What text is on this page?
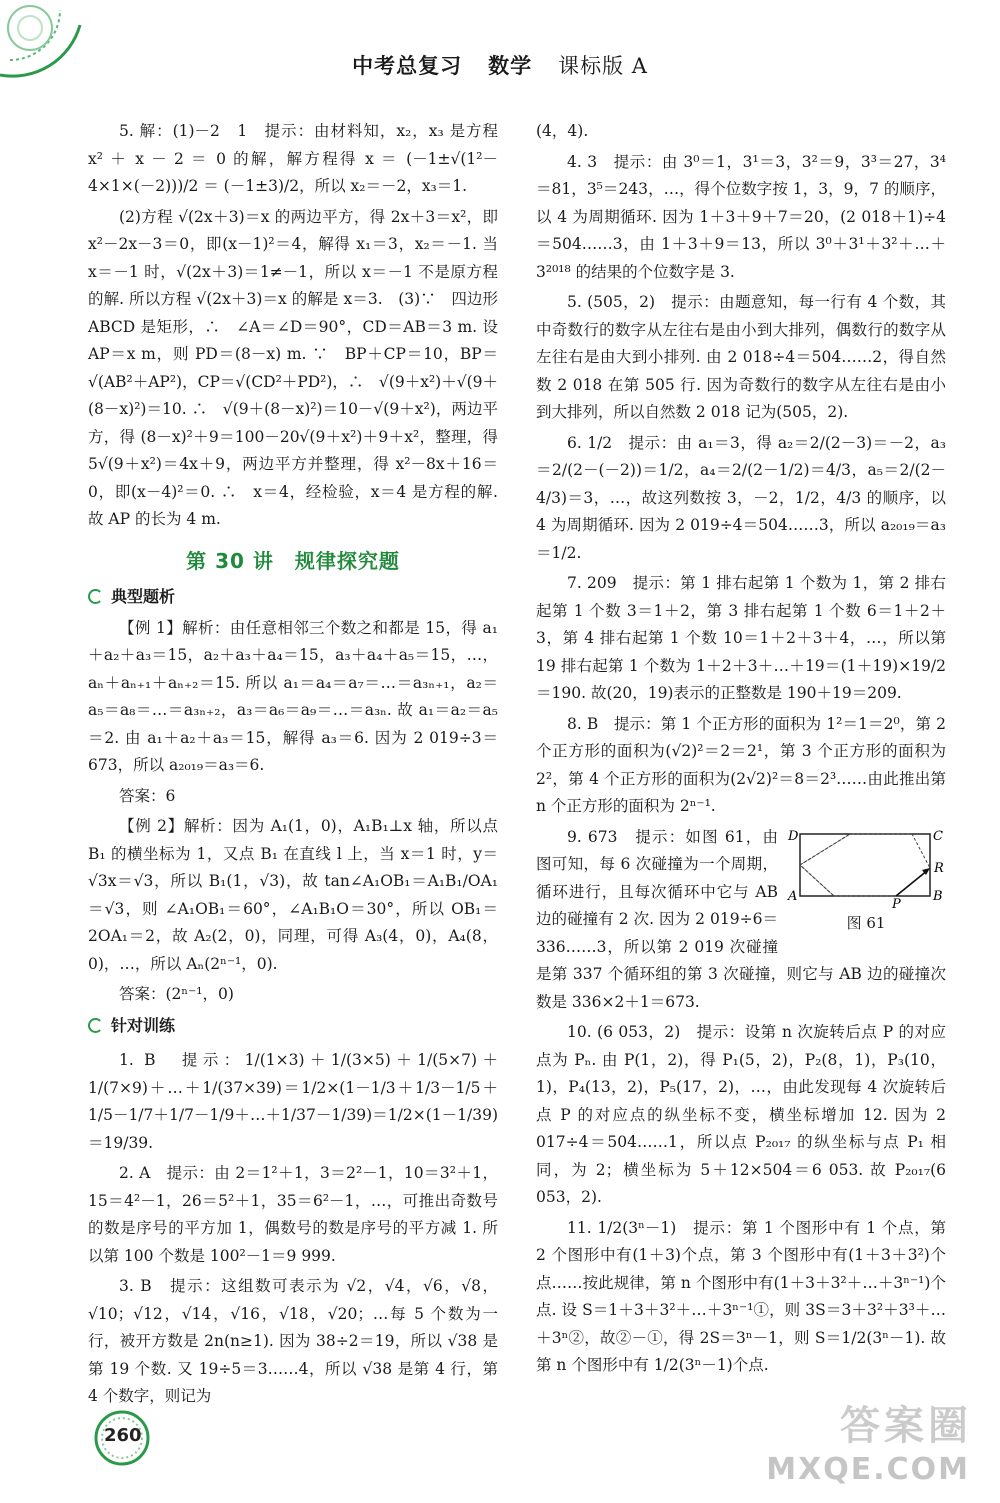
中考总复习 数学 课标版 A

5. 解：(1)－2　1　提示：由材料知，x₂，x₃ 是方程 x² ＋ x － 2 ＝ 0 的解，解方程得 x ＝ (－1±√(1²－4×1×(－2)))/2 ＝ (－1±3)/2，所以 x₂＝－2，x₃＝1.

(2)方程 √(2x＋3)＝x 的两边平方，得 2x＋3＝x²，即 x²－2x－3＝0，即(x－1)²＝4，解得 x₁＝3，x₂＝－1. 当 x＝－1 时，√(2x＋3)＝1≠－1，所以 x＝－1 不是原方程的解. 所以方程 √(2x＋3)＝x 的解是 x＝3.　(3)∵　四边形 ABCD 是矩形，∴　∠A＝∠D＝90°，CD＝AB＝3 m. 设 AP＝x m，则 PD＝(8－x) m. ∵　BP＋CP＝10，BP＝√(AB²＋AP²)，CP＝√(CD²＋PD²)，∴　√(9＋x²)＋√(9＋(8－x)²)＝10. ∴　√(9＋(8－x)²)＝10－√(9＋x²)，两边平方，得 (8－x)²＋9＝100－20√(9＋x²)＋9＋x²，整理，得 5√(9＋x²)＝4x＋9，两边平方并整理，得 x²－8x＋16＝0，即(x－4)²＝0. ∴　x＝4，经检验，x＝4 是方程的解. 故 AP 的长为 4 m.

第 30 讲　规律探究题
典型题析

【例 1】解析：由任意相邻三个数之和都是 15，得 a₁＋a₂＋a₃＝15，a₂＋a₃＋a₄＝15，a₃＋a₄＋a₅＝15，…，aₙ＋aₙ₊₁＋aₙ₊₂＝15. 所以 a₁＝a₄＝a₇＝…＝a₃ₙ₊₁，a₂＝a₅＝a₈＝…＝a₃ₙ₊₂，a₃＝a₆＝a₉＝…＝a₃ₙ. 故 a₁＝a₂＝a₅＝2. 由 a₁＋a₂＋a₃＝15，解得 a₃＝6. 因为 2 019÷3＝673，所以 a₂₀₁₉＝a₃＝6.

答案：6

【例 2】解析：因为 A₁(1，0)，A₁B₁⊥x 轴，所以点 B₁ 的横坐标为 1，又点 B₁ 在直线 l 上，当 x＝1 时，y＝√3x＝√3，所以 B₁(1，√3)，故 tan∠A₁OB₁＝A₁B₁/OA₁＝√3，则 ∠A₁OB₁＝60°，∠A₁B₁O＝30°，所以 OB₁＝2OA₁＝2，故 A₂(2，0)，同理，可得 A₃(4，0)，A₄(8，0)，…，所以 Aₙ(2ⁿ⁻¹，0).

答案：(2ⁿ⁻¹，0)

针对训练

1. B　提示：1/(1×3)＋1/(3×5)＋1/(5×7)＋1/(7×9)＋…＋1/(37×39)＝1/2×(1－1/3＋1/3－1/5＋1/5－1/7＋1/7－1/9＋…＋1/37－1/39)＝1/2×(1－1/39)＝19/39.

2. A　提示：由 2＝1²＋1，3＝2²－1，10＝3²＋1，15＝4²－1，26＝5²＋1，35＝6²－1，…，可推出奇数号的数是序号的平方加 1，偶数号的数是序号的平方减 1. 所以第 100 个数是 100²－1＝9 999.

3. B　提示：这组数可表示为 √2，√4，√6，√8，√10；√12，√14，√16，√18，√20；…每 5 个数为一行，被开方数是 2n(n≥1). 因为 38÷2＝19，所以 √38 是第 19 个数. 又 19÷5＝3……4，所以 √38 是第 4 行，第 4 个数字，则记为

(4，4).

4. 3　提示：由 3⁰＝1，3¹＝3，3²＝9，3³＝27，3⁴＝81，3⁵＝243，…，得个位数字按 1，3，9，7 的顺序，以 4 为周期循环. 因为 1＋3＋9＋7＝20，(2 018＋1)÷4＝504……3，由 1＋3＋9＝13，所以 3⁰＋3¹＋3²＋…＋3²⁰¹⁸ 的结果的个位数字是 3.

5. (505，2)　提示：由题意知，每一行有 4 个数，其中奇数行的数字从左往右是由小到大排列，偶数行的数字从左往右是由大到小排列. 由 2 018÷4＝504……2，得自然数 2 018 在第 505 行. 因为奇数行的数字从左往右是由小到大排列，所以自然数 2 018 记为(505，2).

6. 1/2　提示：由 a₁＝3，得 a₂＝2/(2－3)＝－2，a₃＝2/(2－(－2))＝1/2，a₄＝2/(2－1/2)＝4/3，a₅＝2/(2－4/3)＝3，…，故这列数按 3，－2，1/2，4/3 的顺序，以 4 为周期循环. 因为 2 019÷4＝504……3，所以 a₂₀₁₉＝a₃＝1/2.

7. 209　提示：第 1 排右起第 1 个数为 1，第 2 排右起第 1 个数 3＝1＋2，第 3 排右起第 1 个数 6＝1＋2＋3，第 4 排右起第 1 个数 10＝1＋2＋3＋4，…，所以第 19 排右起第 1 个数为 1＋2＋3＋…＋19＝(1＋19)×19/2＝190. 故(20，19)表示的正整数是 190＋19＝209.

8. B　提示：第 1 个正方形的面积为 1²＝1＝2⁰，第 2 个正方形的面积为(√2)²＝2＝2¹，第 3 个正方形的面积为 2²，第 4 个正方形的面积为(2√2)²＝8＝2³……由此推出第 n 个正方形的面积为 2ⁿ⁻¹.

D	C
A	B
R
P
图 61

9. 673　提示：如图 61，由图可知，每 6 次碰撞为一个周期，循环进行，且每次循环中它与 AB 边的碰撞有 2 次. 因为 2 019÷6＝336……3，所以第 2 019 次碰撞是第 337 个循环组的第 3 次碰撞，则它与 AB 边的碰撞次数是 336×2＋1＝673.

10. (6 053，2)　提示：设第 n 次旋转后点 P 的对应点为 Pₙ. 由 P(1，2)，得 P₁(5，2)，P₂(8，1)，P₃(10，1)，P₄(13，2)，P₅(17，2)，…，由此发现每 4 次旋转后点 P 的对应点的纵坐标不变，横坐标增加 12. 因为 2 017÷4＝504……1，所以点 P₂₀₁₇ 的纵坐标与点 P₁ 相同，为 2；横坐标为 5＋12×504＝6 053. 故 P₂₀₁₇(6 053，2).

11. 1/2(3ⁿ－1)　提示：第 1 个图形中有 1 个点，第 2 个图形中有(1＋3)个点，第 3 个图形中有(1＋3＋3²)个点……按此规律，第 n 个图形中有(1＋3＋3²＋…＋3ⁿ⁻¹)个点. 设 S＝1＋3＋3²＋…＋3ⁿ⁻¹①，则 3S＝3＋3²＋3³＋…＋3ⁿ②，故②－①，得 2S＝3ⁿ－1，则 S＝1/2(3ⁿ－1). 故第 n 个图形中有 1/2(3ⁿ－1)个点.

260	答案圈
MXQE.COM
